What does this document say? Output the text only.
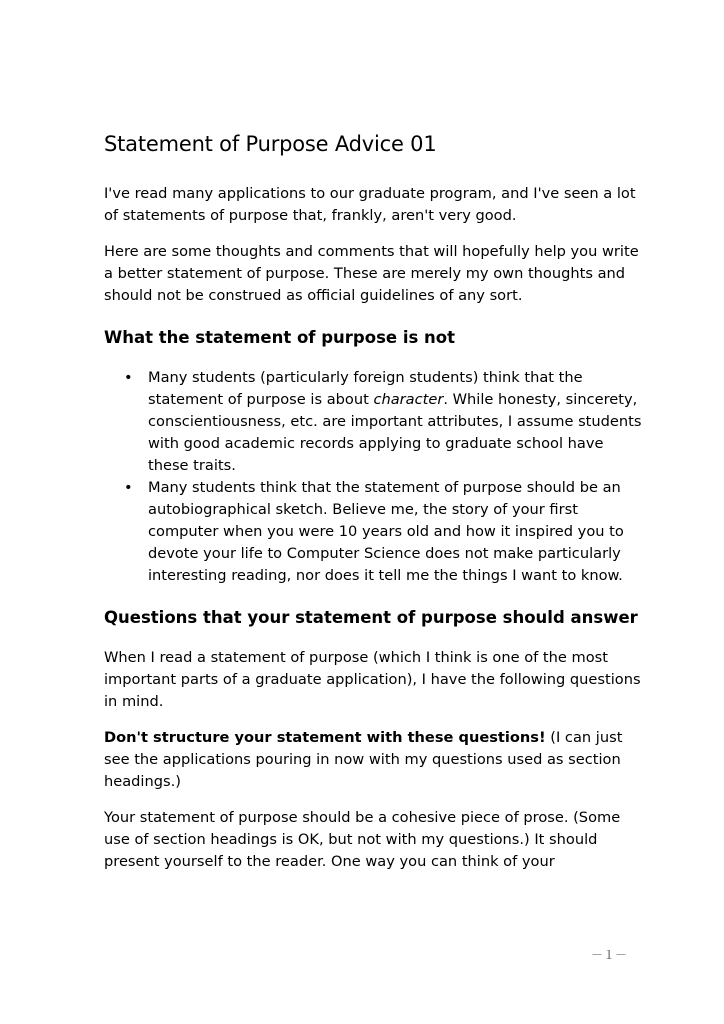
Statement of Purpose Advice 01

I've read many applications to our graduate program, and I've seen a lot of statements of purpose that, frankly, aren't very good.

Here are some thoughts and comments that will hopefully help you write a better statement of purpose. These are merely my own thoughts and should not be construed as official guidelines of any sort.

What the statement of purpose is not
• Many students (particularly foreign students) think that the statement of purpose is about character. While honesty, sincerety, conscientiousness, etc. are important attributes, I assume students with good academic records applying to graduate school have these traits.
• Many students think that the statement of purpose should be an autobiographical sketch. Believe me, the story of your first computer when you were 10 years old and how it inspired you to devote your life to Computer Science does not make particularly interesting reading, nor does it tell me the things I want to know.
Questions that your statement of purpose should answer

When I read a statement of purpose (which I think is one of the most important parts of a graduate application), I have the following questions in mind.

Don't structure your statement with these questions! (I can just see the applications pouring in now with my questions used as section headings.)

Your statement of purpose should be a cohesive piece of prose. (Some use of section headings is OK, but not with my questions.) It should present yourself to the reader. One way you can think of your

－１－
